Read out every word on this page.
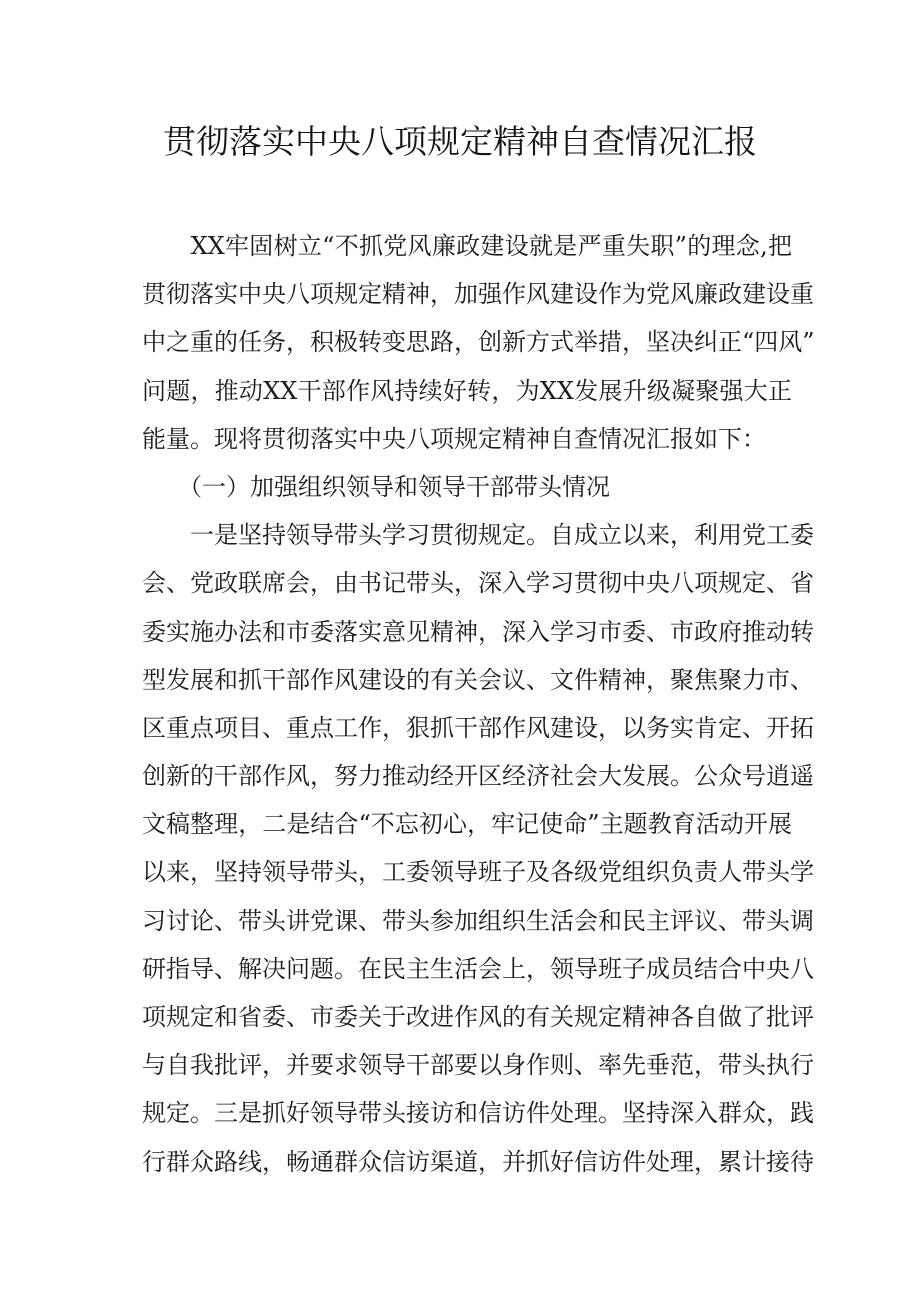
贯彻落实中央八项规定精神自查情况汇报
　　XX牢固树立“不抓党风廉政建设就是严重失职”的理念,把
贯彻落实中央八项规定精神，加强作风建设作为党风廉政建设重
中之重的任务，积极转变思路，创新方式举措，坚决纠正“四风”
问题，推动XX干部作风持续好转，为XX发展升级凝聚强大正
能量。现将贯彻落实中央八项规定精神自查情况汇报如下：
　　（一）加强组织领导和领导干部带头情况
　　一是坚持领导带头学习贯彻规定。自成立以来，利用党工委
会、党政联席会，由书记带头，深入学习贯彻中央八项规定、省
委实施办法和市委落实意见精神，深入学习市委、市政府推动转
型发展和抓干部作风建设的有关会议、文件精神，聚焦聚力市、
区重点项目、重点工作，狠抓干部作风建设，以务实肯定、开拓
创新的干部作风，努力推动经开区经济社会大发展。公众号逍遥
文稿整理，二是结合“不忘初心，牢记使命”主题教育活动开展
以来，坚持领导带头，工委领导班子及各级党组织负责人带头学
习讨论、带头讲党课、带头参加组织生活会和民主评议、带头调
研指导、解决问题。在民主生活会上，领导班子成员结合中央八
项规定和省委、市委关于改进作风的有关规定精神各自做了批评
与自我批评，并要求领导干部要以身作则、率先垂范，带头执行
规定。三是抓好领导带头接访和信访件处理。坚持深入群众，践
行群众路线，畅通群众信访渠道，并抓好信访件处理，累计接待
